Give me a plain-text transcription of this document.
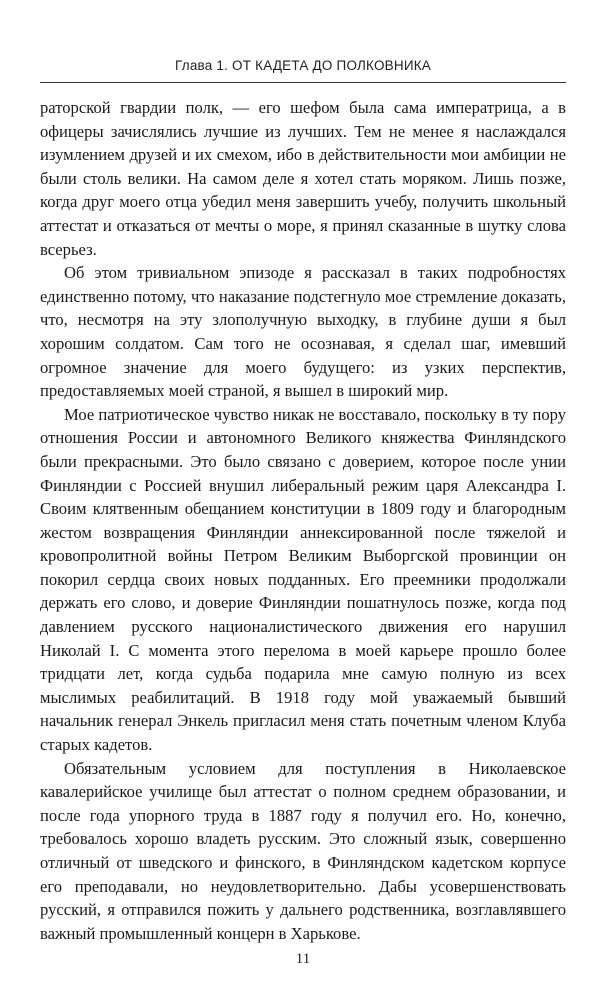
Глава 1. ОТ КАДЕТА ДО ПОЛКОВНИКА

раторской гвардии полк, — его шефом была сама императрица, а в офицеры зачислялись лучшие из лучших. Тем не менее я наслаждался изумлением друзей и их смехом, ибо в действительности мои амбиции не были столь велики. На самом деле я хотел стать моряком. Лишь позже, когда друг моего отца убедил меня завершить учебу, получить школьный аттестат и отказаться от мечты о море, я принял сказанные в шутку слова всерьез.

Об этом тривиальном эпизоде я рассказал в таких подробностях единственно потому, что наказание подстегнуло мое стремление доказать, что, несмотря на эту злополучную выходку, в глубине души я был хорошим солдатом. Сам того не осознавая, я сделал шаг, имевший огромное значение для моего будущего: из узких перспектив, предоставляемых моей страной, я вышел в широкий мир.

Мое патриотическое чувство никак не восставало, поскольку в ту пору отношения России и автономного Великого княжества Финляндского были прекрасными. Это было связано с доверием, которое после унии Финляндии с Россией внушил либеральный режим царя Александра I. Своим клятвенным обещанием конституции в 1809 году и благородным жестом возвращения Финляндии аннексированной после тяжелой и кровопролитной войны Петром Великим Выборгской провинции он покорил сердца своих новых подданных. Его преемники продолжали держать его слово, и доверие Финляндии пошатнулось позже, когда под давлением русского националистического движения его нарушил Николай I. С момента этого перелома в моей карьере прошло более тридцати лет, когда судьба подарила мне самую полную из всех мыслимых реабилитаций. В 1918 году мой уважаемый бывший начальник генерал Энкель пригласил меня стать почетным членом Клуба старых кадетов.

Обязательным условием для поступления в Николаевское кавалерийское училище был аттестат о полном среднем образовании, и после года упорного труда в 1887 году я получил его. Но, конечно, требовалось хорошо владеть русским. Это сложный язык, совершенно отличный от шведского и финского, в Финляндском кадетском корпусе его преподавали, но неудовлетворительно. Дабы усовершенствовать русский, я отправился пожить у дальнего родственника, возглавлявшего важный промышленный концерн в Харькове.

11
